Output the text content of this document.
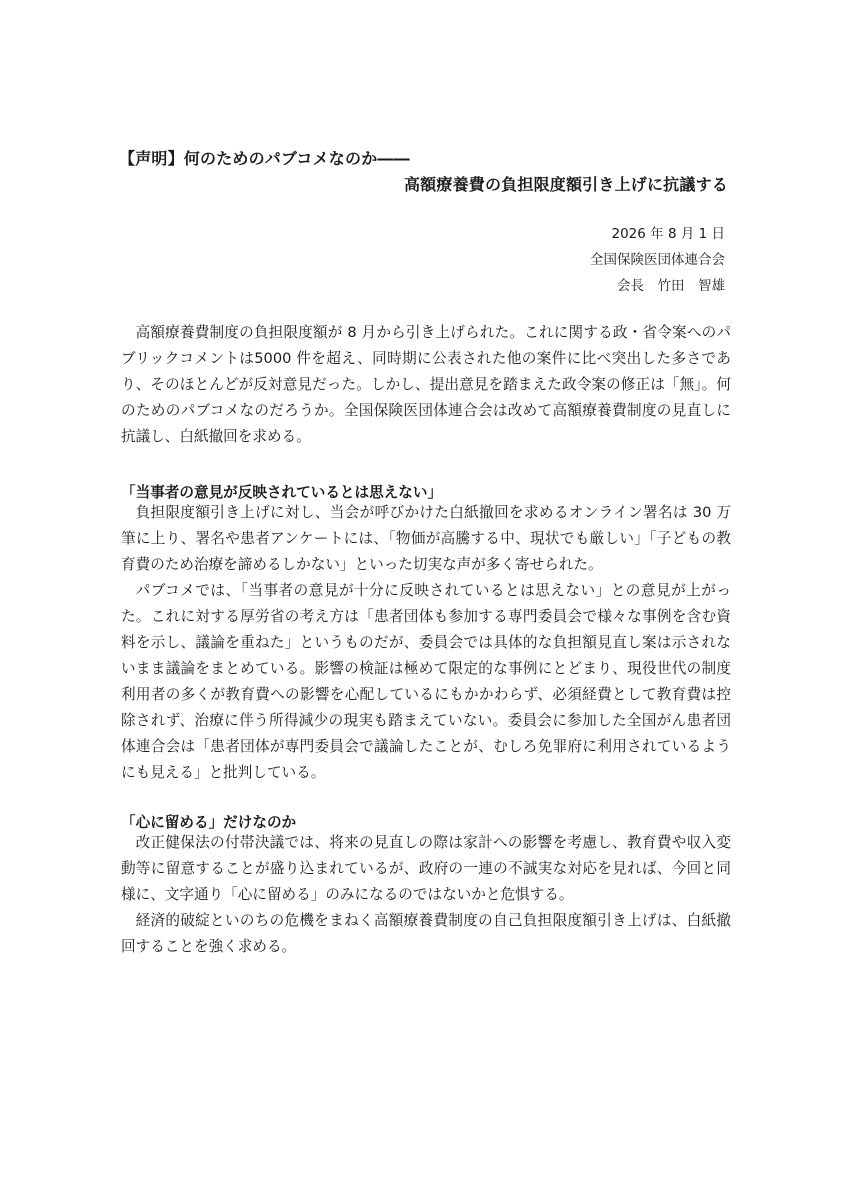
【声明】何のためのパブコメなのか――
高額療養費の負担限度額引き上げに抗議する
2026 年 8 月 1 日
全国保険医団体連合会
会長　竹田　智雄

高額療養費制度の負担限度額が 8 月から引き上げられた。これに関する政・省令案へのパブリックコメントは5000 件を超え、同時期に公表された他の案件に比べ突出した多さであり、そのほとんどが反対意見だった。しかし、提出意見を踏まえた政令案の修正は「無」。何のためのパブコメなのだろうか。全国保険医団体連合会は改めて高額療養費制度の見直しに抗議し、白紙撤回を求める。

「当事者の意見が反映されているとは思えない」

負担限度額引き上げに対し、当会が呼びかけた白紙撤回を求めるオンライン署名は 30 万筆に上り、署名や患者アンケートには、「物価が高騰する中、現状でも厳しい」「子どもの教育費のため治療を諦めるしかない」といった切実な声が多く寄せられた。

パブコメでは、「当事者の意見が十分に反映されているとは思えない」との意見が上がった。これに対する厚労省の考え方は「患者団体も参加する専門委員会で様々な事例を含む資料を示し、議論を重ねた」というものだが、委員会では具体的な負担額見直し案は示されないまま議論をまとめている。影響の検証は極めて限定的な事例にとどまり、現役世代の制度利用者の多くが教育費への影響を心配しているにもかかわらず、必須経費として教育費は控除されず、治療に伴う所得減少の現実も踏まえていない。委員会に参加した全国がん患者団体連合会は「患者団体が専門委員会で議論したことが、むしろ免罪府に利用されているようにも見える」と批判している。

「心に留める」だけなのか

改正健保法の付帯決議では、将来の見直しの際は家計への影響を考慮し、教育費や収入変動等に留意することが盛り込まれているが、政府の一連の不誠実な対応を見れば、今回と同様に、文字通り「心に留める」のみになるのではないかと危惧する。

経済的破綻といのちの危機をまねく高額療養費制度の自己負担限度額引き上げは、白紙撤回することを強く求める。
